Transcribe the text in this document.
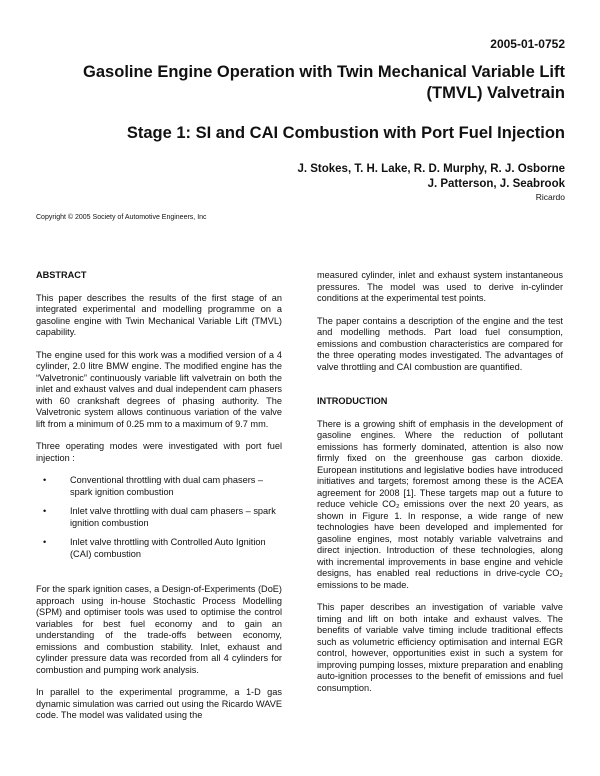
2005-01-0752
Gasoline Engine Operation with Twin Mechanical Variable Lift
(TMVL) Valvetrain
Stage 1: SI and CAI Combustion with Port Fuel Injection
J. Stokes, T. H. Lake, R. D. Murphy, R. J. Osborne
J. Patterson, J. Seabrook
Ricardo
Copyright © 2005 Society of Automotive Engineers, Inc
ABSTRACT

This paper describes the results of the first stage of an integrated experimental and modelling programme on a gasoline engine with Twin Mechanical Variable Lift (TMVL) capability.

The engine used for this work was a modified version of a 4 cylinder, 2.0 litre BMW engine. The modified engine has the “Valvetronic” continuously variable lift valvetrain on both the inlet and exhaust valves and dual independent cam phasers with 60 crankshaft degrees of phasing authority. The Valvetronic system allows continuous variation of the valve lift from a minimum of 0.25 mm to a maximum of 9.7 mm.

Three operating modes were investigated with port fuel injection :

•	Conventional throttling with dual cam phasers – spark ignition combustion
•	Inlet valve throttling with dual cam phasers – spark ignition combustion
•	Inlet valve throttling with Controlled Auto Ignition (CAI) combustion

For the spark ignition cases, a Design-of-Experiments (DoE) approach using in-house Stochastic Process Modelling (SPM) and optimiser tools was used to optimise the control variables for best fuel economy and to gain an understanding of the trade-offs between economy, emissions and combustion stability. Inlet, exhaust and cylinder pressure data was recorded from all 4 cylinders for combustion and pumping work analysis.

In parallel to the experimental programme, a 1-D gas dynamic simulation was carried out using the Ricardo WAVE code. The model was validated using the

measured cylinder, inlet and exhaust system instantaneous pressures. The model was used to derive in-cylinder conditions at the experimental test points.

The paper contains a description of the engine and the test and modelling methods. Part load fuel consumption, emissions and combustion characteristics are compared for the three operating modes investigated. The advantages of valve throttling and CAI combustion are quantified.

INTRODUCTION

There is a growing shift of emphasis in the development of gasoline engines. Where the reduction of pollutant emissions has formerly dominated, attention is also now firmly fixed on the greenhouse gas carbon dioxide. European institutions and legislative bodies have introduced initiatives and targets; foremost among these is the ACEA agreement for 2008 [1]. These targets map out a future to reduce vehicle CO₂ emissions over the next 20 years, as shown in Figure 1. In response, a wide range of new technologies have been developed and implemented for gasoline engines, most notably variable valvetrains and direct injection. Introduction of these technologies, along with incremental improvements in base engine and vehicle designs, has enabled real reductions in drive-cycle CO₂ emissions to be made.

This paper describes an investigation of variable valve timing and lift on both intake and exhaust valves. The benefits of variable valve timing include traditional effects such as volumetric efficiency optimisation and internal EGR control, however, opportunities exist in such a system for improving pumping losses, mixture preparation and enabling auto-ignition processes to the benefit of emissions and fuel consumption.
